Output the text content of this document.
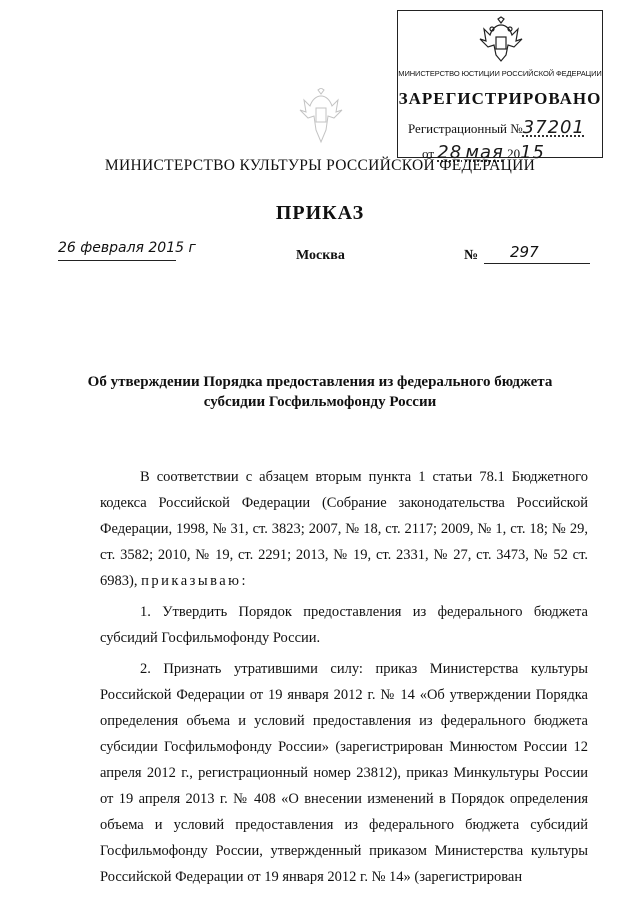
МИНИСТЕРСТВО ЮСТИЦИИ РОССИЙСКОЙ ФЕДЕРАЦИИ
ЗАРЕГИСТРИРОВАНО
Регистрационный №37201
от 28 мая 2015
МИНИСТЕРСТВО КУЛЬТУРЫ РОССИЙСКОЙ ФЕДЕРАЦИИ
ПРИКАЗ
26 февраля 2015 г	Москва	№ 297
Об утверждении Порядка предоставления из федерального бюджета
субсидии Госфильмофонду России

В соответствии с абзацем вторым пункта 1 статьи 78.1 Бюджетного кодекса Российской Федерации (Собрание законодательства Российской Федерации, 1998, № 31, ст. 3823; 2007, № 18, ст. 2117; 2009, № 1, ст. 18; № 29, ст. 3582; 2010, № 19, ст. 2291; 2013, № 19, ст. 2331, № 27, ст. 3473, № 52 ст. 6983), приказываю:

1. Утвердить Порядок предоставления из федерального бюджета субсидий Госфильмофонду России.

2. Признать утратившими силу: приказ Министерства культуры Российской Федерации от 19 января 2012 г. № 14 «Об утверждении Порядка определения объема и условий предоставления из федерального бюджета субсидии Госфильмофонду России» (зарегистрирован Минюстом России 12 апреля 2012 г., регистрационный номер 23812), приказ Минкультуры России от 19 апреля 2013 г. № 408 «О внесении изменений в Порядок определения объема и условий предоставления из федерального бюджета субсидий Госфильмофонду России, утвержденный приказом Министерства культуры Российской Федерации от 19 января 2012 г. № 14» (зарегистрирован
